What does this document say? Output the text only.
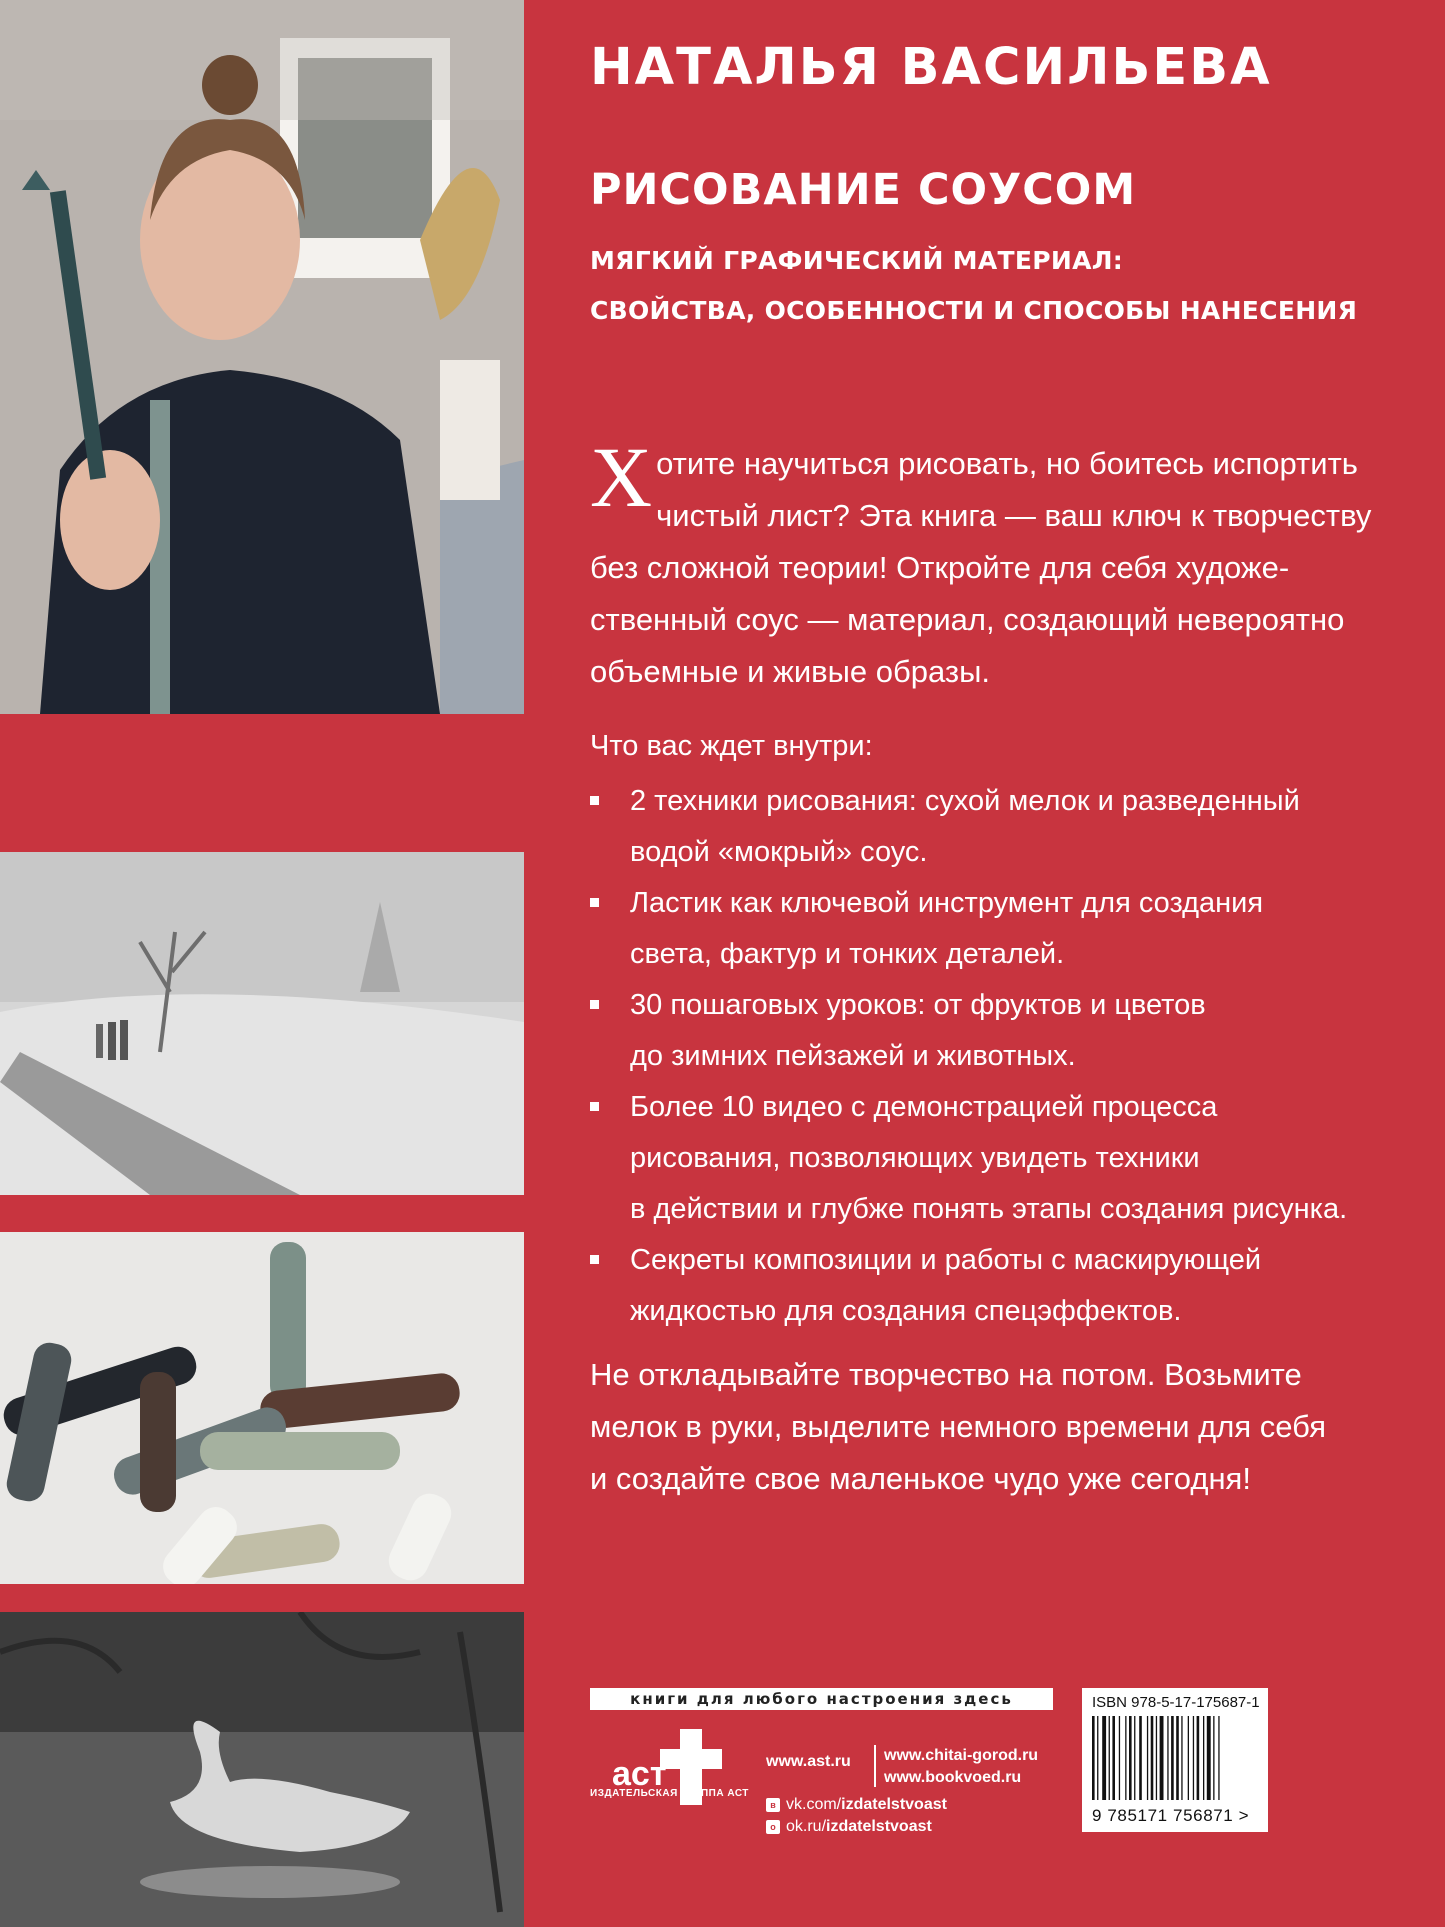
НАТАЛЬЯ ВАСИЛЬЕВА
РИСОВАНИЕ СОУСОМ
МЯГКИЙ ГРАФИЧЕСКИЙ МАТЕРИАЛ:
СВОЙСТВА, ОСОБЕННОСТИ И СПОСОБЫ НАНЕСЕНИЯ
Х отите научиться рисовать, но боитесь испортить
чистый лист? Эта книга — ваш ключ к творчеству
без сложной теории! Откройте для себя художе-
ственный соус — материал, создающий невероятно
объемные и живые образы.
Что вас ждет внутри:
2 техники рисования: сухой мелок и разведенный
водой «мокрый» соус.
Ластик как ключевой инструмент для создания
света, фактур и тонких деталей.
30 пошаговых уроков: от фруктов и цветов
до зимних пейзажей и животных.
Более 10 видео с демонстрацией процесса
рисования, позволяющих увидеть техники
в действии и глубже понять этапы создания рисунка.
Секреты композиции и работы с маскирующей
жидкостью для создания спецэффектов.
Не откладывайте творчество на потом. Возьмите
мелок в руки, выделите немного времени для себя
и создайте свое маленькое чудо уже сегодня!
книги для любого настроения здесь
аст
ИЗДАТЕЛЬСКАЯ ГРУППА АСТ
www.ast.ru www.chitai-gorod.ru
www.bookvoed.ru
в vk.com/izdatelstvoast
о ok.ru/izdatelstvoast
ISBN 978-5-17-175687-1
9 785171 756871 >
